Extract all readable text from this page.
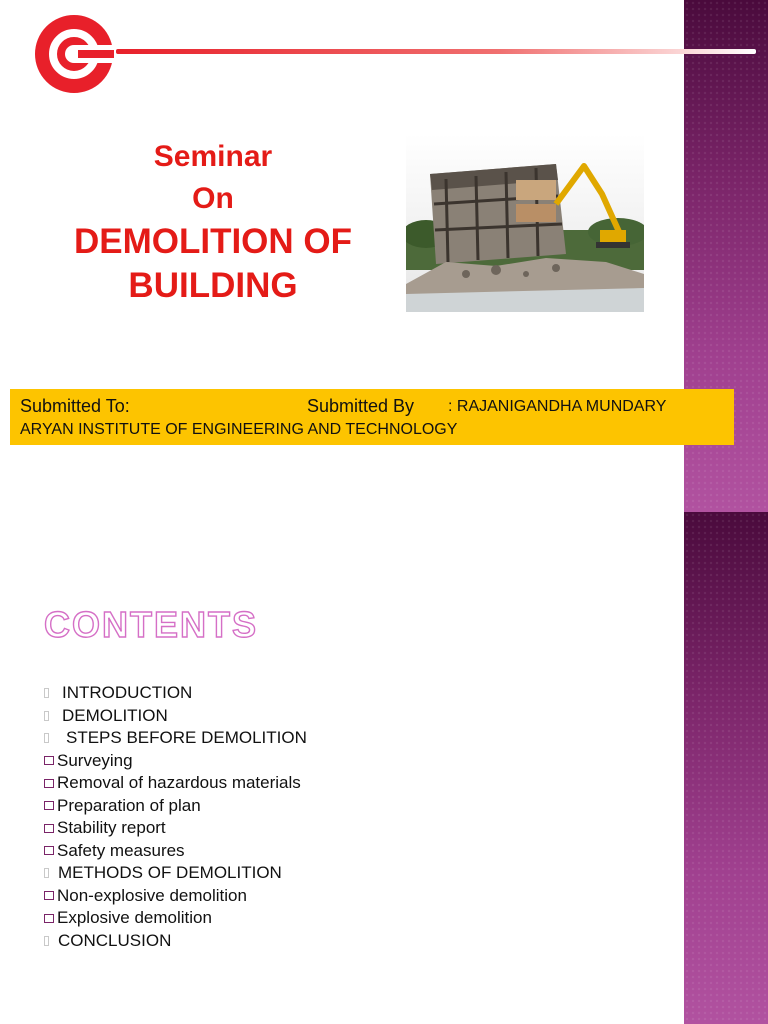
Seminar
On
DEMOLITION OF
BUILDING
Submitted To:	Submitted By : RAJANIGANDHA MUNDARY
ARYAN INSTITUTE OF ENGINEERING AND TECHNOLOGY
CONTENTS
INTRODUCTION
DEMOLITION
STEPS BEFORE DEMOLITION
Surveying
Removal of hazardous materials
Preparation of plan
Stability report
Safety measures
METHODS OF DEMOLITION
Non-explosive demolition
Explosive demolition
CONCLUSION
